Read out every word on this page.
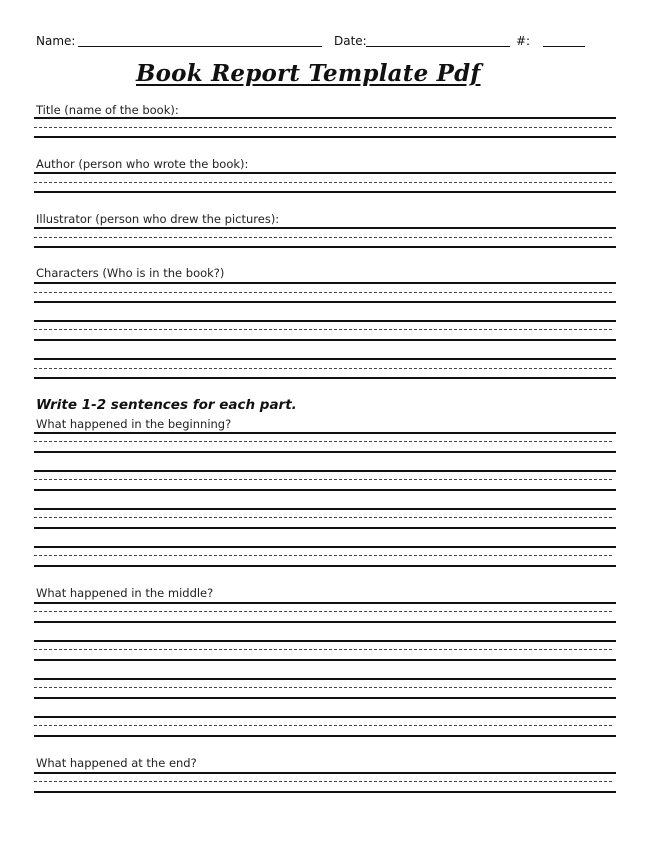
Name:	Date:	#:
Book Report Template Pdf
Title (name of the book):
Author (person who wrote the book):
Illustrator (person who drew the pictures):
Characters (Who is in the book?)
Write 1-2 sentences for each part.
What happened in the beginning?
What happened in the middle?
What happened at the end?
